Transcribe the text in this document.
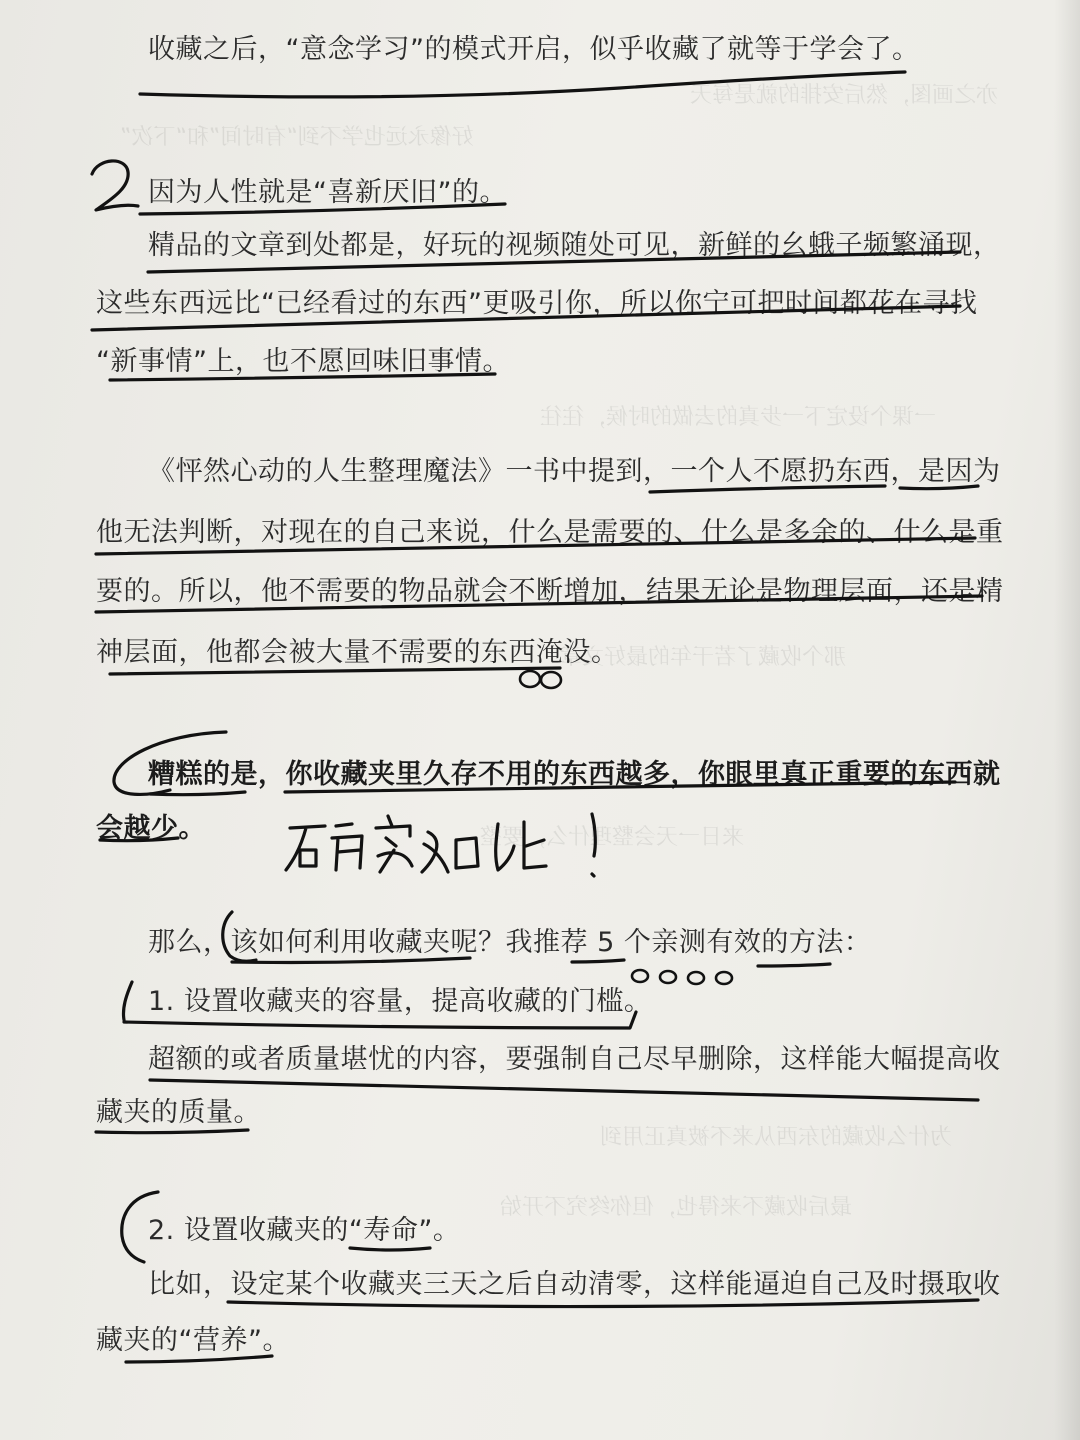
亦之画图，然后安排的就是每天
好像永远也学不到“有时间”和“下次”
一课个设定下一步真的去做的时候，往往
那个收藏了若干年的最好文章
来日一天会整理什么，要整
为什么收藏的东西从来不被真正用到
最后收藏不来得也，但你终究不开始
收藏之后，“意念学习”的模式开启，似乎收藏了就等于学会了。
因为人性就是“喜新厌旧”的。
精品的文章到处都是，好玩的视频随处可见，新鲜的幺蛾子频繁涌现，
这些东西远比“已经看过的东西”更吸引你，所以你宁可把时间都花在寻找
“新事情”上，也不愿回味旧事情。
《怦然心动的人生整理魔法》一书中提到，一个人不愿扔东西，是因为
他无法判断，对现在的自己来说，什么是需要的、什么是多余的、什么是重
要的。所以，他不需要的物品就会不断增加，结果无论是物理层面，还是精
神层面，他都会被大量不需要的东西淹没。
糟糕的是，你收藏夹里久存不用的东西越多，你眼里真正重要的东西就
会越少。
那么，该如何利用收藏夹呢？我推荐 5 个亲测有效的方法：
1. 设置收藏夹的容量，提高收藏的门槛。
超额的或者质量堪忧的内容，要强制自己尽早删除，这样能大幅提高收
藏夹的质量。
2. 设置收藏夹的“寿命”。
比如，设定某个收藏夹三天之后自动清零，这样能逼迫自己及时摄取收
藏夹的“营养”。
